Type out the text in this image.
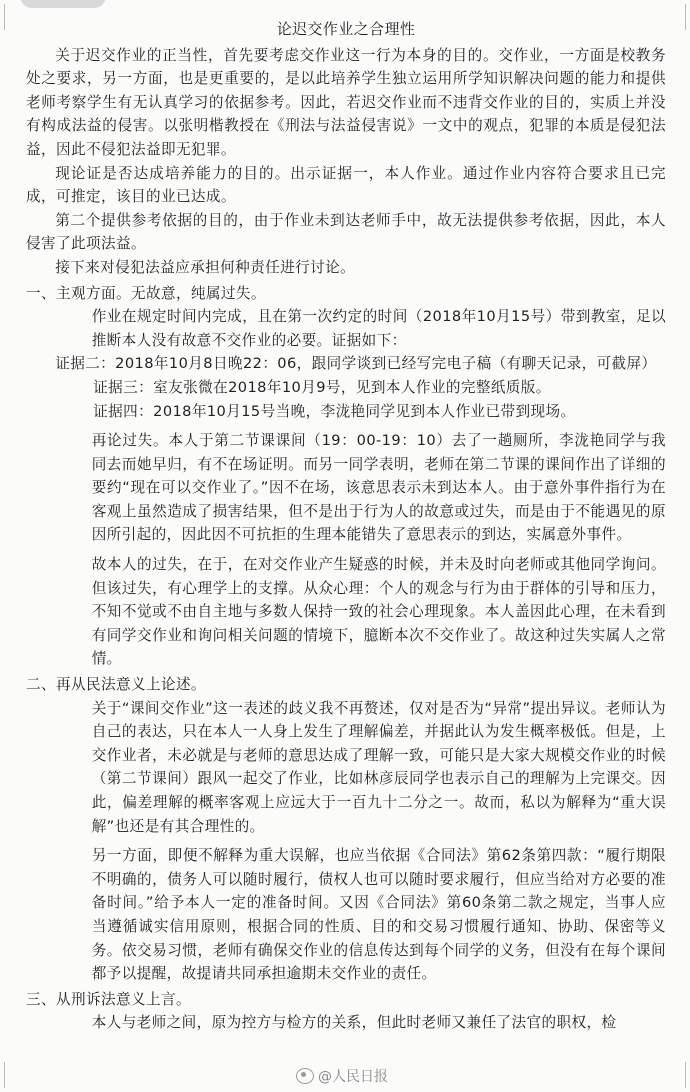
论迟交作业之合理性

关于迟交作业的正当性，首先要考虑交作业这一行为本身的目的。交作业，一方面是校教务处之要求，另一方面，也是更重要的，是以此培养学生独立运用所学知识解决问题的能力和提供老师考察学生有无认真学习的依据参考。因此，若迟交作业而不违背交作业的目的，实质上并没有构成法益的侵害。以张明楷教授在《刑法与法益侵害说》一文中的观点，犯罪的本质是侵犯法益，因此不侵犯法益即无犯罪。

现论证是否达成培养能力的目的。出示证据一，本人作业。通过作业内容符合要求且已完成，可推定，该目的业已达成。

第二个提供参考依据的目的，由于作业未到达老师手中，故无法提供参考依据，因此，本人侵害了此项法益。

接下来对侵犯法益应承担何种责任进行讨论。

一、主观方面。无故意，纯属过失。

作业在规定时间内完成，且在第一次约定的时间（2018年10月15号）带到教室，足以推断本人没有故意不交作业的必要。证据如下：

证据二：2018年10月8日晚22：06，跟同学谈到已经写完电子稿（有聊天记录，可截屏）

证据三：室友张微在2018年10月9号，见到本人作业的完整纸质版。

证据四：2018年10月15号当晚，李泷艳同学见到本人作业已带到现场。

再论过失。本人于第二节课课间（19：00-19：10）去了一趟厕所，李泷艳同学与我同去而她早归，有不在场证明。而另一同学表明，老师在第二节课的课间作出了详细的要约“现在可以交作业了。”因不在场，该意思表示未到达本人。由于意外事件指行为在客观上虽然造成了损害结果，但不是出于行为人的故意或过失，而是由于不能遇见的原因所引起的，因此因不可抗拒的生理本能错失了意思表示的到达，实属意外事件。

故本人的过失，在于，在对交作业产生疑惑的时候，并未及时向老师或其他同学询问。但该过失，有心理学上的支撑。从众心理：个人的观念与行为由于群体的引导和压力，不知不觉或不由自主地与多数人保持一致的社会心理现象。本人盖因此心理，在未看到有同学交作业和询问相关问题的情境下，臆断本次不交作业了。故这种过失实属人之常情。

二、再从民法意义上论述。

关于“课间交作业”这一表述的歧义我不再赘述，仅对是否为“异常”提出异议。老师认为自己的表达，只在本人一人身上发生了理解偏差，并据此认为发生概率极低。但是，上交作业者，未必就是与老师的意思达成了理解一致，可能只是大家大规模交作业的时候（第二节课间）跟风一起交了作业，比如林彦辰同学也表示自己的理解为上完课交。因此，偏差理解的概率客观上应远大于一百九十二分之一。故而，私以为解释为“重大误解”也还是有其合理性的。

另一方面，即便不解释为重大误解，也应当依据《合同法》第62条第四款：“履行期限不明确的，债务人可以随时履行，债权人也可以随时要求履行，但应当给对方必要的准备时间。”给予本人一定的准备时间。又因《合同法》第60条第二款之规定，当事人应当遵循诚实信用原则，根据合同的性质、目的和交易习惯履行通知、协助、保密等义务。依交易习惯，老师有确保交作业的信息传达到每个同学的义务，但没有在每个课间都予以提醒，故提请共同承担逾期未交作业的责任。

三、从刑诉法意义上言。

本人与老师之间，原为控方与检方的关系，但此时老师又兼任了法官的职权，检

@人民日报
